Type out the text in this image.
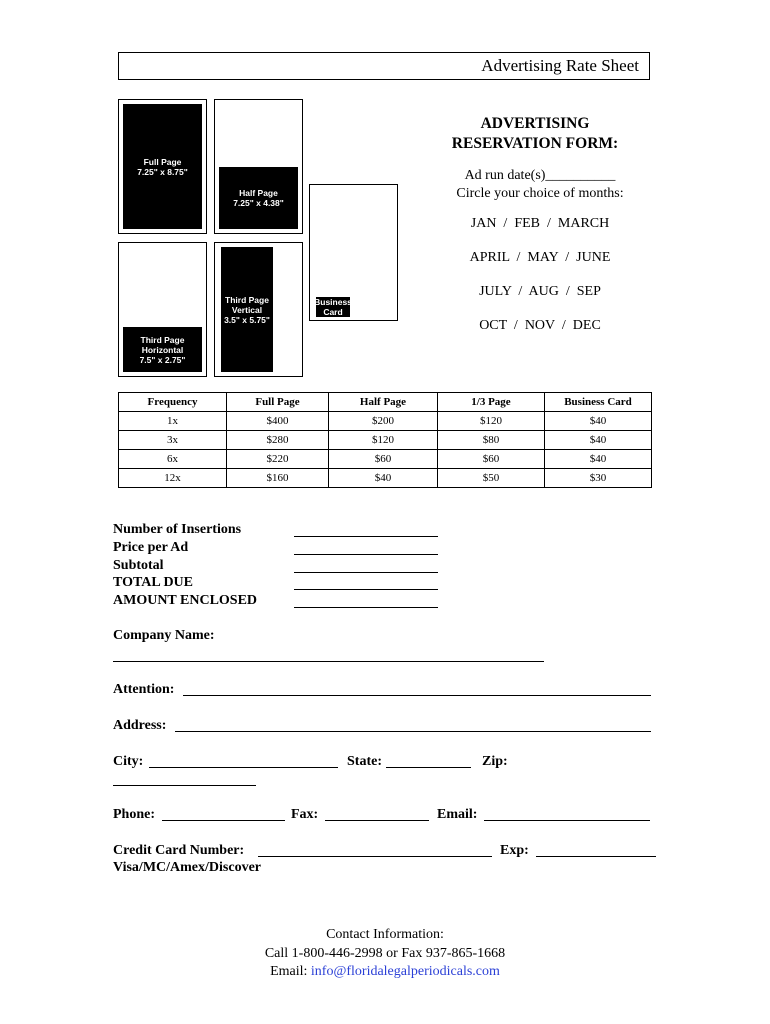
Advertising Rate Sheet
Full Page
7.25" x 8.75"
Half Page
7.25" x 4.38"
Business
Card
Third Page
Horizontal
7.5" x 2.75"
Third Page
Vertical
3.5" x 5.75"
ADVERTISING
RESERVATION FORM:
Ad run date(s)__________
Circle your choice of months:
JAN  /  FEB  /  MARCH
APRIL  /  MAY  /  JUNE
JULY  /  AUG  /  SEP
OCT  /  NOV  /  DEC
Frequency	Full Page	Half Page	1/3 Page	Business Card
1x	$400	$200	$120	$40
3x	$280	$120	$80	$40
6x	$220	$60	$60	$40
12x	$160	$40	$50	$30
Number of Insertions
Price per Ad
Subtotal
TOTAL DUE
AMOUNT ENCLOSED
Company Name:
Attention:
Address:
City:	State:	Zip:
Phone:	Fax:	Email:
Credit Card Number:	Exp:
Visa/MC/Amex/Discover
Contact Information:
Call 1-800-446-2998 or Fax 937-865-1668
Email: info@floridalegalperiodicals.com
